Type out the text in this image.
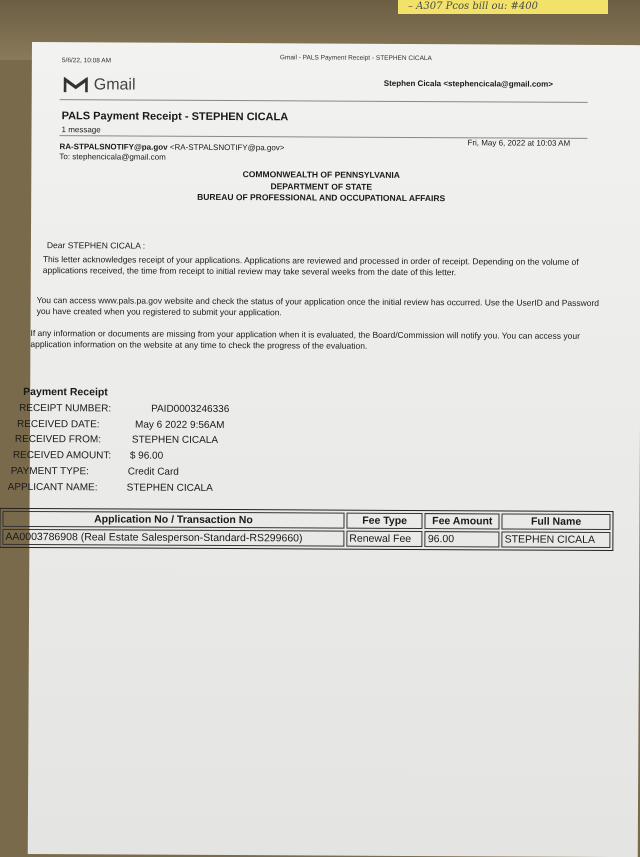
– A307 Pcos bill ou: #400
5/6/22, 10:08 AM	Gmail - PALS Payment Receipt - STEPHEN CICALA
Gmail	Stephen Cicala <stephencicala@gmail.com>
PALS Payment Receipt - STEPHEN CICALA
1 message
RA-STPALSNOTIFY@pa.gov <RA-STPALSNOTIFY@pa.gov>
To: stephencicala@gmail.com
Fri, May 6, 2022 at 10:03 AM
COMMONWEALTH OF PENNSYLVANIA
DEPARTMENT OF STATE
BUREAU OF PROFESSIONAL AND OCCUPATIONAL AFFAIRS
Dear STEPHEN CICALA :
This letter acknowledges receipt of your applications. Applications are reviewed and processed in order of receipt. Depending on the volume of applications received, the time from receipt to initial review may take several weeks from the date of this letter.
You can access www.pals.pa.gov website and check the status of your application once the initial review has occurred. Use the UserID and Password you have created when you registered to submit your application.
If any information or documents are missing from your application when it is evaluated, the Board/Commission will notify you. You can access your application information on the website at any time to check the progress of the evaluation.
Payment Receipt
RECEIPT NUMBER:	PAID0003246336
RECEIVED DATE:	May 6 2022 9:56AM
RECEIVED FROM:	STEPHEN CICALA
RECEIVED AMOUNT: $ 96.00
PAYMENT TYPE:	Credit Card
APPLICANT NAME:	STEPHEN CICALA
Application No / Transaction No	Fee Type	Fee Amount	Full Name
AA0003786908 (Real Estate Salesperson-Standard-RS299660)	Renewal Fee	96.00	STEPHEN CICALA
